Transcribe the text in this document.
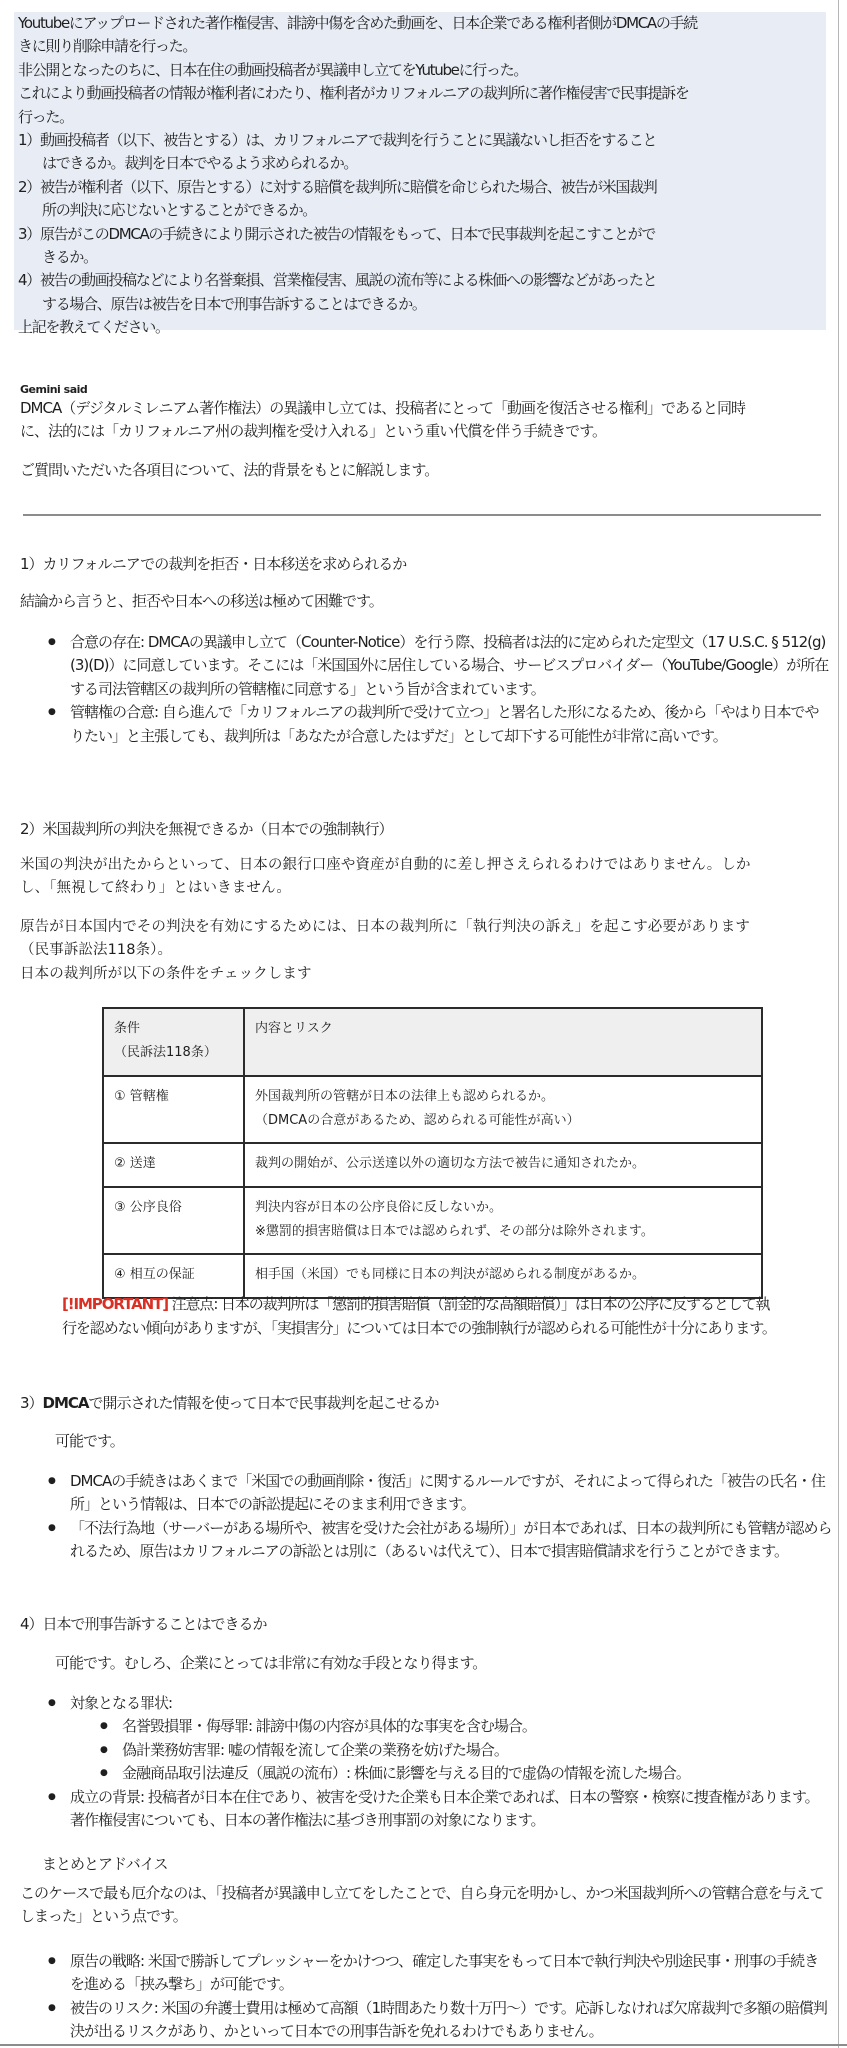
Youtubeにアップロードされた著作権侵害、誹謗中傷を含めた動画を、日本企業である権利者側がDMCAの手続
きに則り削除申請を行った。
非公開となったのちに、日本在住の動画投稿者が異議申し立てをYutubeに行った。
これにより動画投稿者の情報が権利者にわたり、権利者がカリフォルニアの裁判所に著作権侵害で民事提訴を
行った。
1）動画投稿者（以下、被告とする）は、カリフォルニアで裁判を行うことに異議ないし拒否をすること
はできるか。裁判を日本でやるよう求められるか。
2）被告が権利者（以下、原告とする）に対する賠償を裁判所に賠償を命じられた場合、被告が米国裁判
所の判決に応じないとすることができるか。
3）原告がこのDMCAの手続きにより開示された被告の情報をもって、日本で民事裁判を起こすことがで
きるか。
4）被告の動画投稿などにより名誉棄損、営業権侵害、風説の流布等による株価への影響などがあったと
する場合、原告は被告を日本で刑事告訴することはできるか。
上記を教えてください。
Gemini said
DMCA（デジタルミレニアム著作権法）の異議申し立ては、投稿者にとって「動画を復活させる権利」であると同時
に、法的には「カリフォルニア州の裁判権を受け入れる」という重い代償を伴う手続きです。
ご質問いただいた各項目について、法的背景をもとに解説します。
1）カリフォルニアでの裁判を拒否・日本移送を求められるか
結論から言うと、拒否や日本への移送は極めて困難です。
● 合意の存在: DMCAの異議申し立て（Counter-Notice）を行う際、投稿者は法的に定められた定型文（17 U.S.C. § 512(g)(3)(D)）に同意しています。そこには「米国国外に居住している場合、サービスプロバイダー（YouTube/Google）が所在する司法管轄区の裁判所の管轄権に同意する」という旨が含まれています。
● 管轄権の合意: 自ら進んで「カリフォルニアの裁判所で受けて立つ」と署名した形になるため、後から「やはり日本でやりたい」と主張しても、裁判所は「あなたが合意したはずだ」として却下する可能性が非常に高いです。
2）米国裁判所の判決を無視できるか（日本での強制執行）
米国の判決が出たからといって、日本の銀行口座や資産が自動的に差し押さえられるわけではありません。しか
し、「無視して終わり」とはいきません。
原告が日本国内でその判決を有効にするためには、日本の裁判所に「執行判決の訴え」を起こす必要があります
（民事訴訟法118条）。
日本の裁判所が以下の条件をチェックします
条件
（民訴法118条）	内容とリスク
① 管轄権	外国裁判所の管轄が日本の法律上も認められるか。
（DMCAの合意があるため、認められる可能性が高い）

② 送達	裁判の開始が、公示送達以外の適切な方法で被告に通知されたか。

③ 公序良俗	判決内容が日本の公序良俗に反しないか。
※懲罰的損害賠償は日本では認められず、その部分は除外されます。

④ 相互の保証	相手国（米国）でも同様に日本の判決が認められる制度があるか。
[!IMPORTANT] 注意点: 日本の裁判所は「懲罰的損害賠償（罰金的な高額賠償）」は日本の公序に反するとして執行を認めない傾向がありますが、「実損害分」については日本での強制執行が認められる可能性が十分にあります。
3）DMCAで開示された情報を使って日本で民事裁判を起こせるか
可能です。
● DMCAの手続きはあくまで「米国での動画削除・復活」に関するルールですが、それによって得られた「被告の氏名・住所」という情報は、日本での訴訟提起にそのまま利用できます。
● 「不法行為地（サーバーがある場所や、被害を受けた会社がある場所）」が日本であれば、日本の裁判所にも管轄が認められるため、原告はカリフォルニアの訴訟とは別に（あるいは代えて）、日本で損害賠償請求を行うことができます。
4）日本で刑事告訴することはできるか
可能です。むしろ、企業にとっては非常に有効な手段となり得ます。
● 対象となる罪状:
● 名誉毀損罪・侮辱罪: 誹謗中傷の内容が具体的な事実を含む場合。
● 偽計業務妨害罪: 嘘の情報を流して企業の業務を妨げた場合。
● 金融商品取引法違反（風説の流布）: 株価に影響を与える目的で虚偽の情報を流した場合。
● 成立の背景: 投稿者が日本在住であり、被害を受けた企業も日本企業であれば、日本の警察・検察に捜査権があります。著作権侵害についても、日本の著作権法に基づき刑事罰の対象になります。
まとめとアドバイス
このケースで最も厄介なのは、「投稿者が異議申し立てをしたことで、自ら身元を明かし、かつ米国裁判所への管轄合意を与えてしまった」という点です。
● 原告の戦略: 米国で勝訴してプレッシャーをかけつつ、確定した事実をもって日本で執行判決や別途民事・刑事の手続きを進める「挟み撃ち」が可能です。
● 被告のリスク: 米国の弁護士費用は極めて高額（1時間あたり数十万円～）です。応訴しなければ欠席裁判で多額の賠償判決が出るリスクがあり、かといって日本での刑事告訴を免れるわけでもありません。
